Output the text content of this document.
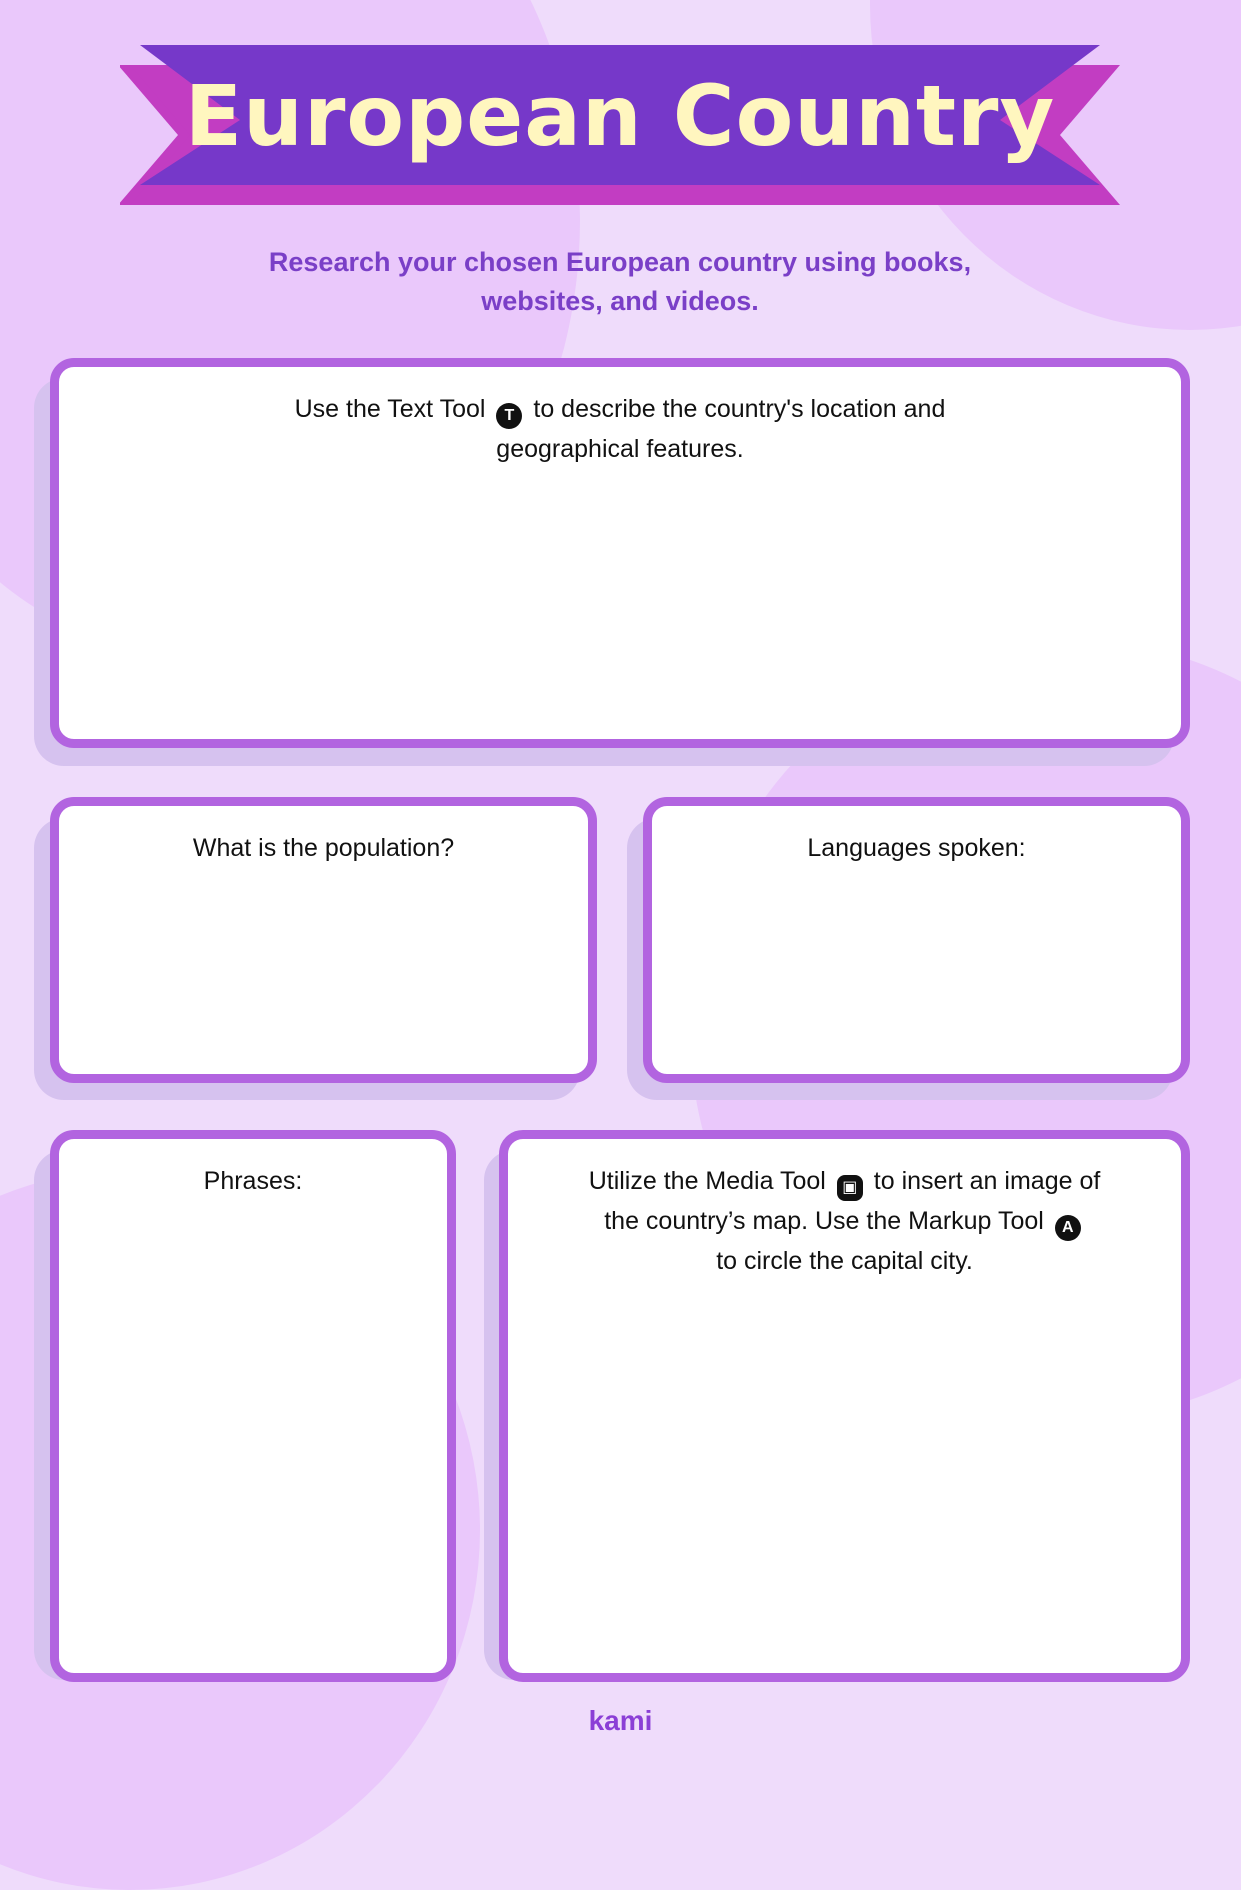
European Country
Research your chosen European country using books,
websites, and videos.
Use the Text Tool T to describe the country's location and
geographical features.
What is the population?	Languages spoken:
Phrases:	Utilize the Media Tool ▣ to insert an image of
the country’s map. Use the Markup Tool A
to circle the capital city.
kami
